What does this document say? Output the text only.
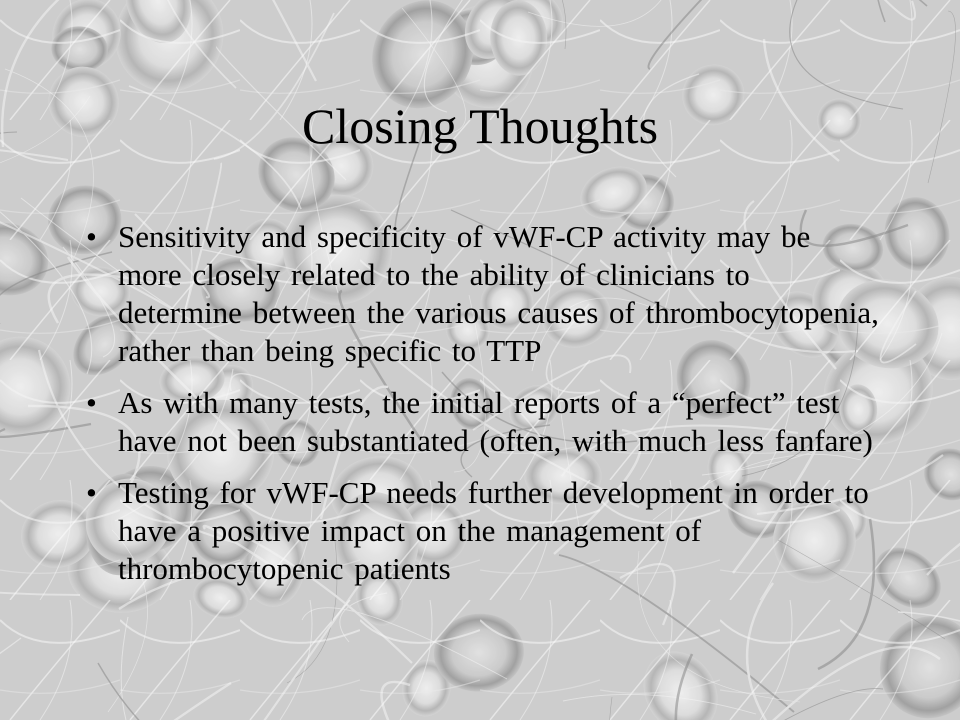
Closing Thoughts
• Sensitivity and specificity of vWF-CP activity may be more closely related to the ability of clinicians to determine between the various causes of thrombocytopenia, rather than being specific to TTP
• As with many tests, the initial reports of a “perfect” test have not been substantiated (often, with much less fanfare)
• Testing for vWF-CP needs further development in order to have a positive impact on the management of thrombocytopenic patients
